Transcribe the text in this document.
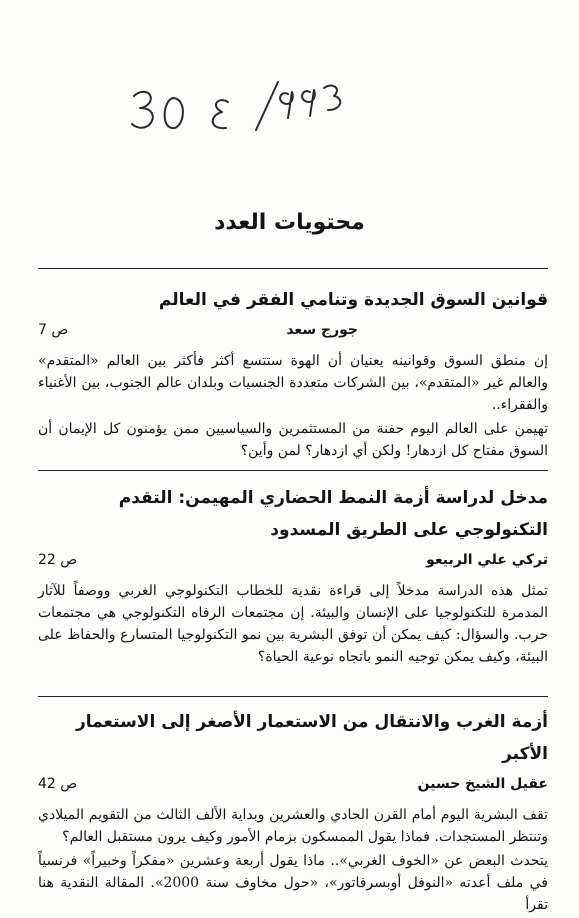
محتويات العدد
قوانين السوق الجديدة وتنامي الفقر في العالم
جورج سعد
ص 7

إن منطق السوق وقوانينه يعنيان أن الهوة ستتسع أكثر فأكثر بين العالم «المتقدم» والعالم غير «المتقدم»، بين الشركات متعددة الجنسيات وبلدان عالم الجنوب، بين الأغنياء والفقراء..

تهيمن على العالم اليوم حفنة من المستثمرين والسياسيين ممن يؤمنون كل الإيمان أن السوق مفتاح كل ازدهار! ولكن أي ازدهار؟ لمن وأين؟

مدخل لدراسة أزمة النمط الحضاري المهيمن: التقدم التكنولوجي على الطريق المسدود
تركي علي الربيعو
ص 22

تمثل هذه الدراسة مدخلاً إلى قراءة نقدية للخطاب التكنولوجي الغربي ووصفاً للآثار المدمرة للتكنولوجيا على الإنسان والبيئة. إن مجتمعات الرفاه التكنولوجي هي مجتمعات حرب. والسؤال: كيف يمكن أن توفق البشرية بين نمو التكنولوجيا المتسارع والحفاظ على البيئة، وكيف يمكن توجيه النمو باتجاه نوعية الحياة؟

أزمة الغرب والانتقال من الاستعمار الأصغر إلى الاستعمار الأكبر
عقيل الشيخ حسين
ص 42

تقف البشرية اليوم أمام القرن الحادي والعشرين وبداية الألف الثالث من التقويم الميلادي وتنتظر المستجدات. فماذا يقول الممسكون بزمام الأمور وكيف يرون مستقبل العالم؟

يتحدث البعض عن «الخوف الغربي».. ماذا يقول أربعة وعشرين «مفكراً وخبيراً» فرنسياً في ملف أعدته «النوفل أوبسرفاتور»، «حول مخاوف سنة 2000». المقالة النقدية هنا تقرأ
